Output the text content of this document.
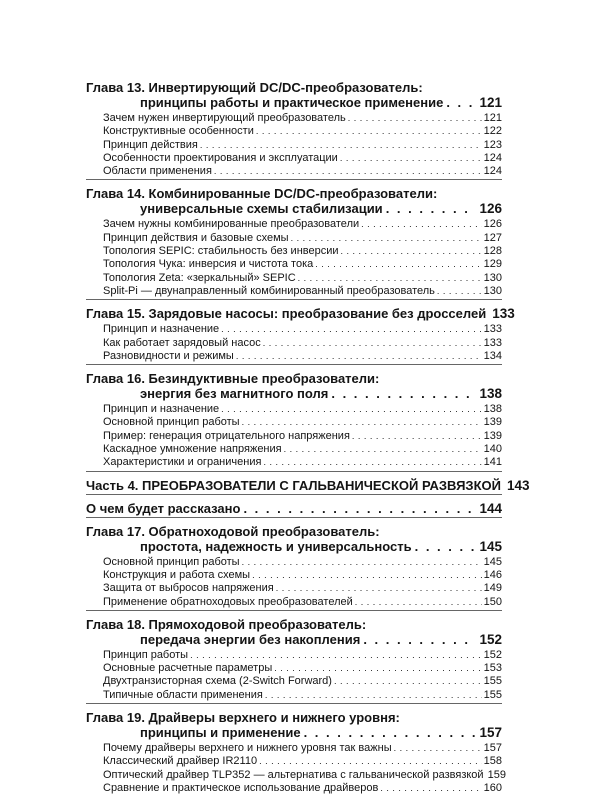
Глава 13. Инвертирующий DC/DC-преобразователь:
принципы работы и практическое применение . . .	121
Зачем нужен инвертирующий преобразователь . . .	121
Конструктивные особенности . . .	122
Принцип действия . . .	123
Особенности проектирования и эксплуатации . . .	124
Области применения . . .	124
Глава 14. Комбинированные DC/DC-преобразователи:
универсальные схемы стабилизации . . .	126
Зачем нужны комбинированные преобразователи . . .	126
Принцип действия и базовые схемы . . .	127
Топология SEPIC: стабильность без инверсии . . .	128
Топология Чука: инверсия и чистота тока . . .	129
Топология Zeta: «зеркальный» SEPIC . . .	130
Split-Pi — двунаправленный комбинированный преобразователь . . .	130
Глава 15. Зарядовые насосы: преобразование без дросселей 133
Принцип и назначение . . .	133
Как работает зарядовый насос . . .	133
Разновидности и режимы . . .	134
Глава 16. Безиндуктивные преобразователи:
энергия без магнитного поля . . .	138
Принцип и назначение . . .	138
Основной принцип работы . . .	139
Пример: генерация отрицательного напряжения . . .	139
Каскадное умножение напряжения . . .	140
Характеристики и ограничения . . .	141
Часть 4. ПРЕОБРАЗОВАТЕЛИ С ГАЛЬВАНИЧЕСКОЙ РАЗВЯЗКОЙ 143
О чем будет рассказано . . .	144
Глава 17. Обратноходовой преобразователь:
простота, надежность и универсальность . . .	145
Основной принцип работы . . .	145
Конструкция и работа схемы . . .	146
Защита от выбросов напряжения . . .	149
Применение обратноходовых преобразователей . . .	150
Глава 18. Прямоходовой преобразователь:
передача энергии без накопления . . .	152
Принцип работы . . .	152
Основные расчетные параметры . . .	153
Двухтранзисторная схема (2-Switch Forward) . . .	155
Типичные области применения . . .	155
Глава 19. Драйверы верхнего и нижнего уровня:
принципы и применение . . .	157
Почему драйверы верхнего и нижнего уровня так важны . . .	157
Классический драйвер IR2110 . . .	158
Оптический драйвер TLP352 — альтернатива с гальванической развязкой 159
Сравнение и практическое использование драйверов . . .	160
